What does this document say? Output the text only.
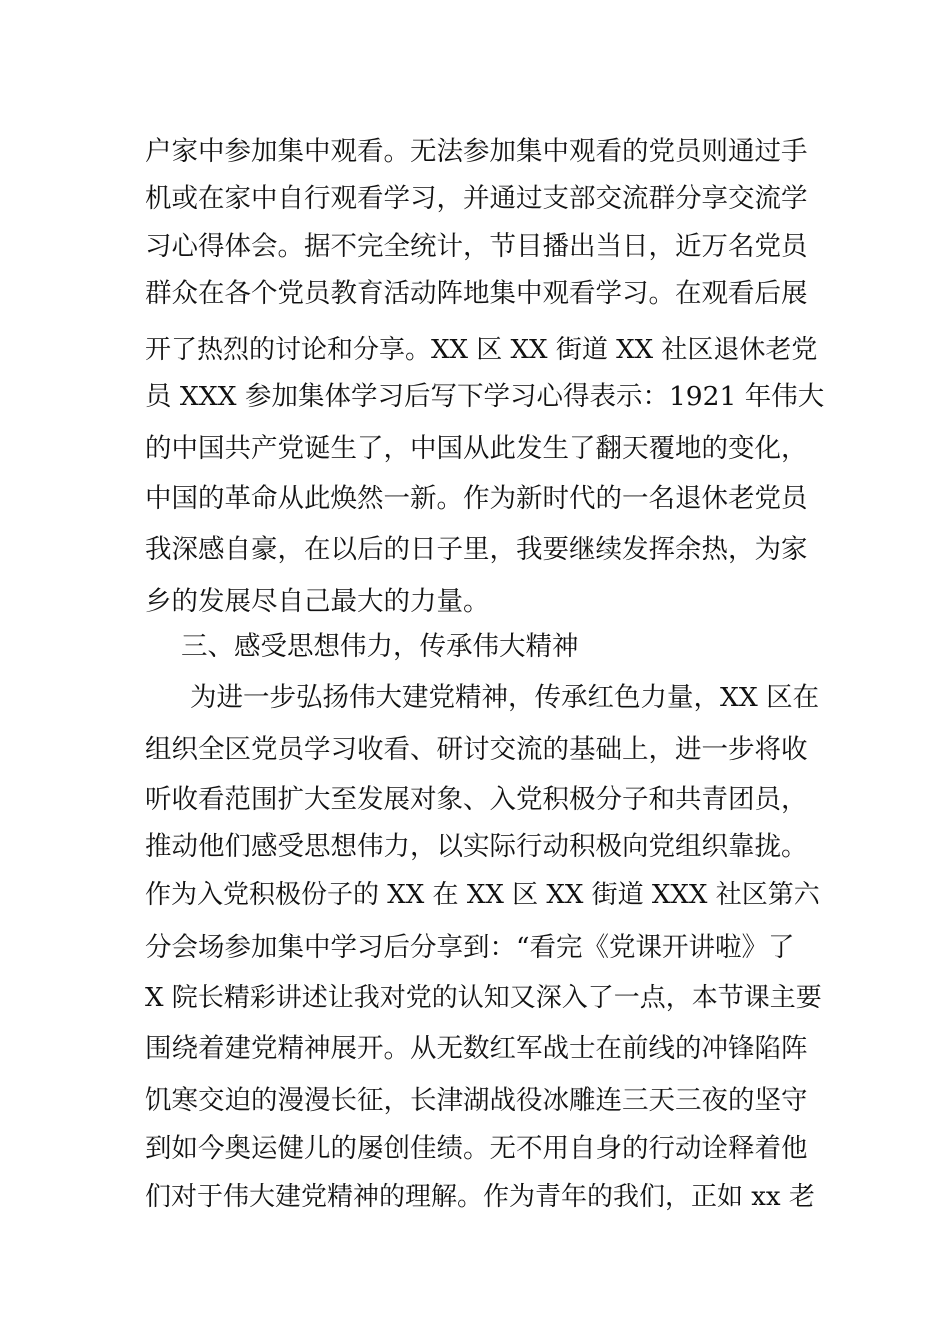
户家中参加集中观看。无法参加集中观看的党员则通过手
机或在家中自行观看学习，并通过支部交流群分享交流学
习心得体会。据不完全统计，节目播出当日，近万名党员
群众在各个党员教育活动阵地集中观看学习。在观看后展
开了热烈的讨论和分享。XX 区 XX 街道 XX 社区退休老党
员 XXX 参加集体学习后写下学习心得表示：1921 年伟大
的中国共产党诞生了，中国从此发生了翻天覆地的变化，
中国的革命从此焕然一新。作为新时代的一名退休老党员
我深感自豪，在以后的日子里，我要继续发挥余热，为家
乡的发展尽自己最大的力量。
三、感受思想伟力，传承伟大精神
为进一步弘扬伟大建党精神，传承红色力量，XX 区在
组织全区党员学习收看、研讨交流的基础上，进一步将收
听收看范围扩大至发展对象、入党积极分子和共青团员，
推动他们感受思想伟力，以实际行动积极向党组织靠拢。
作为入党积极份子的 XX 在 XX 区 XX 街道 XXX 社区第六
分会场参加集中学习后分享到：“看完《党课开讲啦》了
X 院长精彩讲述让我对党的认知又深入了一点，本节课主要
围绕着建党精神展开。从无数红军战士在前线的冲锋陷阵
饥寒交迫的漫漫长征，长津湖战役冰雕连三天三夜的坚守
到如今奥运健儿的屡创佳绩。无不用自身的行动诠释着他
们对于伟大建党精神的理解。作为青年的我们，正如 xx 老
